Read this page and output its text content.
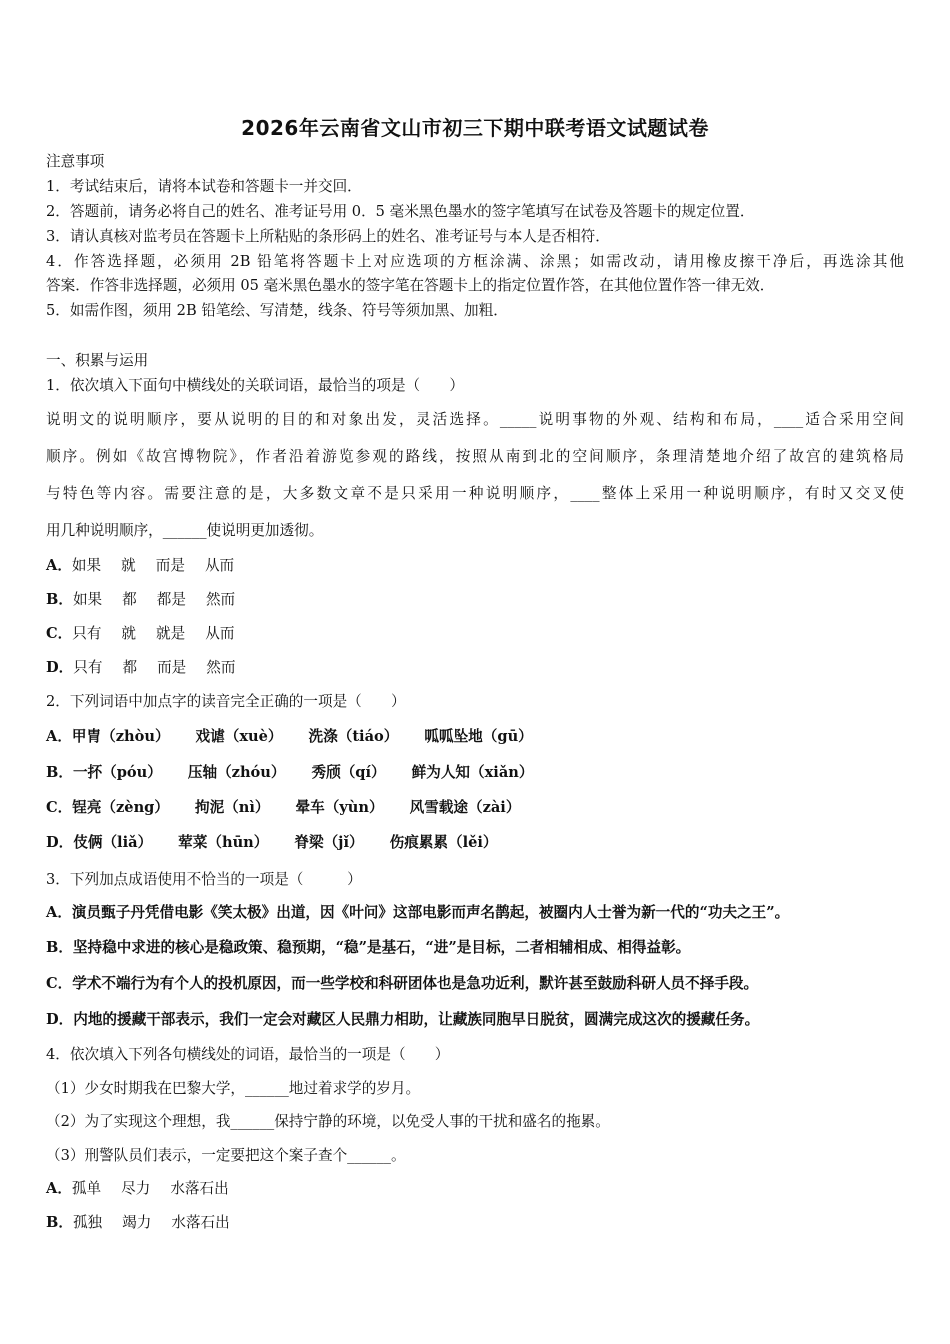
2026年云南省文山市初三下期中联考语文试题试卷
注意事项
1．考试结束后，请将本试卷和答题卡一并交回．
2．答题前，请务必将自己的姓名、准考证号用 0．5 毫米黑色墨水的签字笔填写在试卷及答题卡的规定位置．
3．请认真核对监考员在答题卡上所粘贴的条形码上的姓名、准考证号与本人是否相符．
4．作答选择题，必须用 2B 铅笔将答题卡上对应选项的方框涂满、涂黑；如需改动，请用橡皮擦干净后，再选涂其他
答案．作答非选择题，必须用 05 毫米黑色墨水的签字笔在答题卡上的指定位置作答，在其他位置作答一律无效．
5．如需作图，须用 2B 铅笔绘、写清楚，线条、符号等须加黑、加粗．
一、积累与运用
1．依次填入下面句中横线处的关联词语，最恰当的项是（　　）
说明文的说明顺序，要从说明的目的和对象出发，灵活选择。_____说明事物的外观、结构和布局，____适合采用空间
顺序。例如《故宫博物院》，作者沿着游览参观的路线，按照从南到北的空间顺序，条理清楚地介绍了故宫的建筑格局
与特色等内容。需要注意的是，大多数文章不是只采用一种说明顺序，____整体上采用一种说明顺序，有时又交叉使
用几种说明顺序，______使说明更加透彻。
A．如果 就 而是 从而
B．如果 都 都是 然而
C．只有 就 就是 从而
D．只有 都 而是 然而
2．下列词语中加点字的读音完全正确的一项是（　　）
A．甲胄（zhòu） 戏谑（xuè） 洗涤（tiáo） 呱呱坠地（gū）
B．一抔（póu） 压轴（zhóu） 秀颀（qí） 鲜为人知（xiǎn）
C．锃亮（zèng） 拘泥（nì） 晕车（yùn） 风雪载途（zài）
D．伎俩（liǎ） 荤菜（hūn） 脊梁（jǐ） 伤痕累累（lěi）
3．下列加点成语使用不恰当的一项是（　　　）
A．演员甄子丹凭借电影《笑太极》出道，因《叶问》这部电影而声名鹊起，被圈内人士誉为新一代的“功夫之王”。
B．坚持稳中求进的核心是稳政策、稳预期，“稳”是基石，“进”是目标，二者相辅相成、相得益彰。
C．学术不端行为有个人的投机原因，而一些学校和科研团体也是急功近利，默许甚至鼓励科研人员不择手段。
D．内地的援藏干部表示，我们一定会对藏区人民鼎力相助，让藏族同胞早日脱贫，圆满完成这次的援藏任务。
4．依次填入下列各句横线处的词语，最恰当的一项是（　　）
（1）少女时期我在巴黎大学，______地过着求学的岁月。
（2）为了实现这个理想，我______保持宁静的环境，以免受人事的干扰和盛名的拖累。
（3）刑警队员们表示，一定要把这个案子查个______。
A．孤单 尽力 水落石出
B．孤独 竭力 水落石出
